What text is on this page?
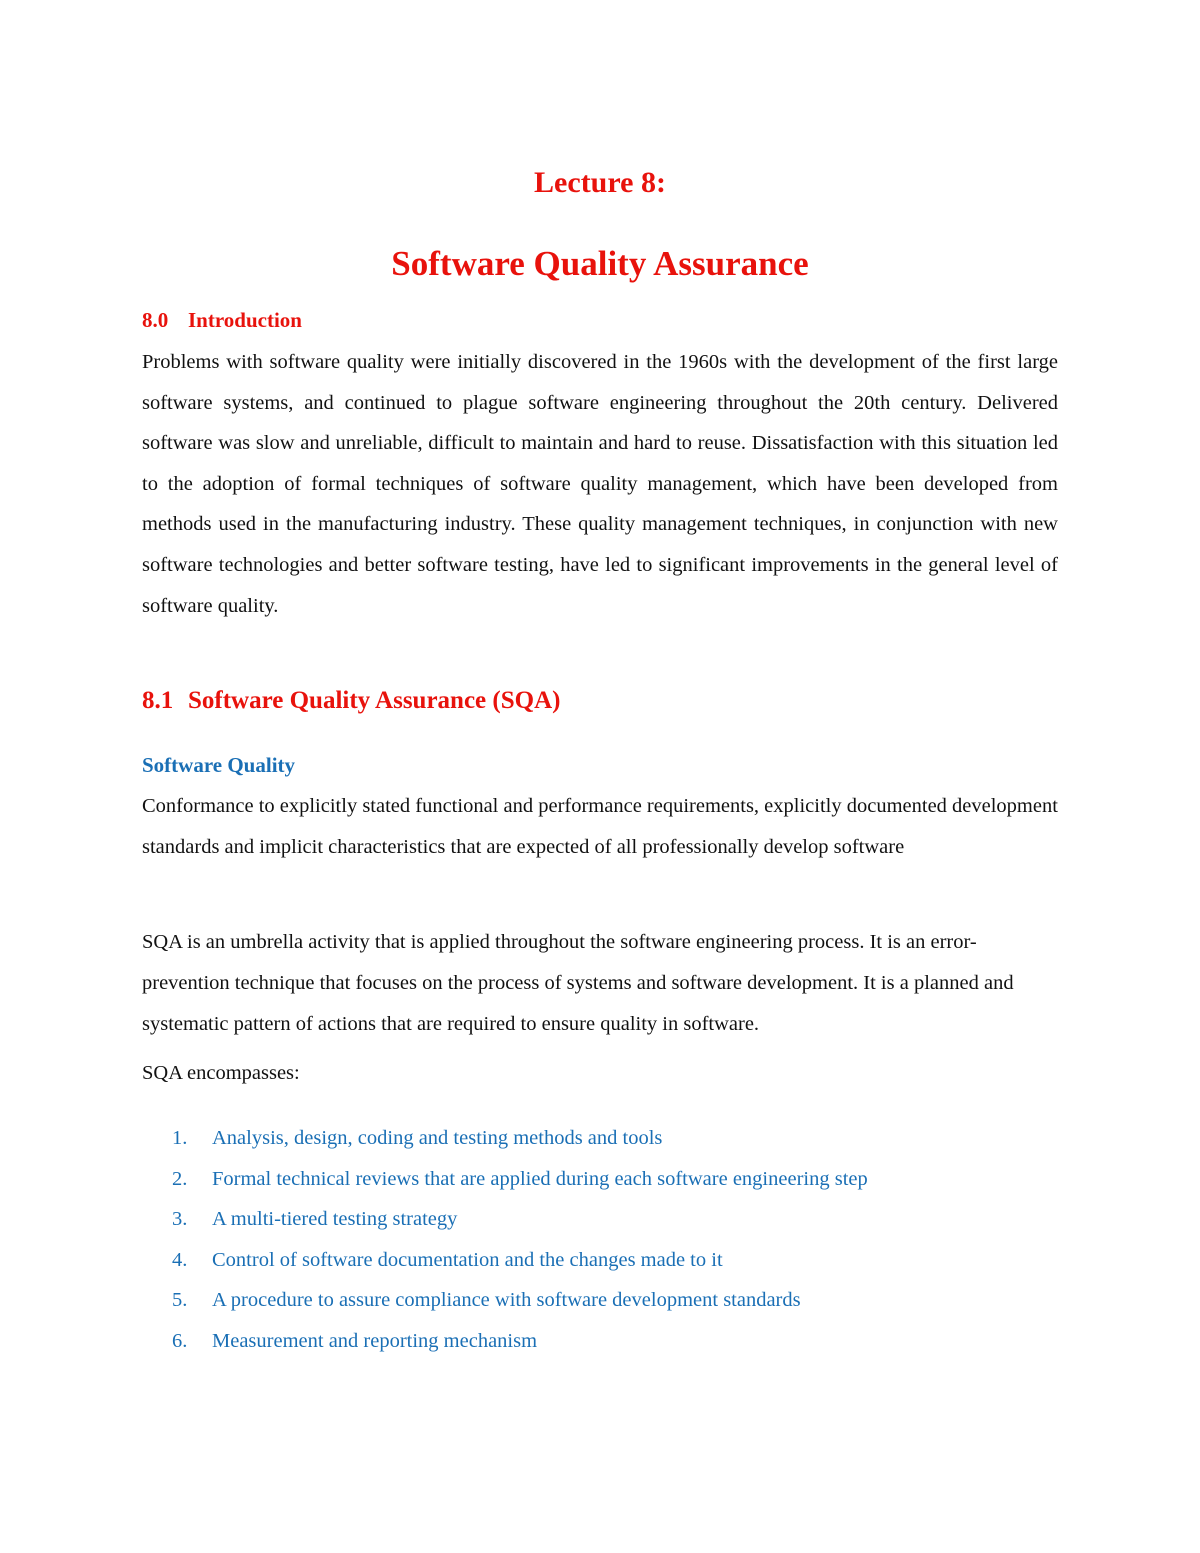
Lecture 8:
Software Quality Assurance
8.0 Introduction

Problems with software quality were initially discovered in the 1960s with the development of the first large software systems, and continued to plague software engineering throughout the 20th century. Delivered software was slow and unreliable, difficult to maintain and hard to reuse. Dissatisfaction with this situation led to the adoption of formal techniques of software quality management, which have been developed from methods used in the manufacturing industry. These quality management techniques, in conjunction with new software technologies and better software testing, have led to significant improvements in the general level of software quality.

8.1 Software Quality Assurance (SQA)
Software Quality

Conformance to explicitly stated functional and performance requirements, explicitly documented development standards and implicit characteristics that are expected of all professionally develop software

SQA is an umbrella activity that is applied throughout the software engineering process. It is an error-prevention technique that focuses on the process of systems and software development. It is a planned and systematic pattern of actions that are required to ensure quality in software.

SQA encompasses:

1. Analysis, design, coding and testing methods and tools
2. Formal technical reviews that are applied during each software engineering step
3. A multi-tiered testing strategy
4. Control of software documentation and the changes made to it
5. A procedure to assure compliance with software development standards
6. Measurement and reporting mechanism
